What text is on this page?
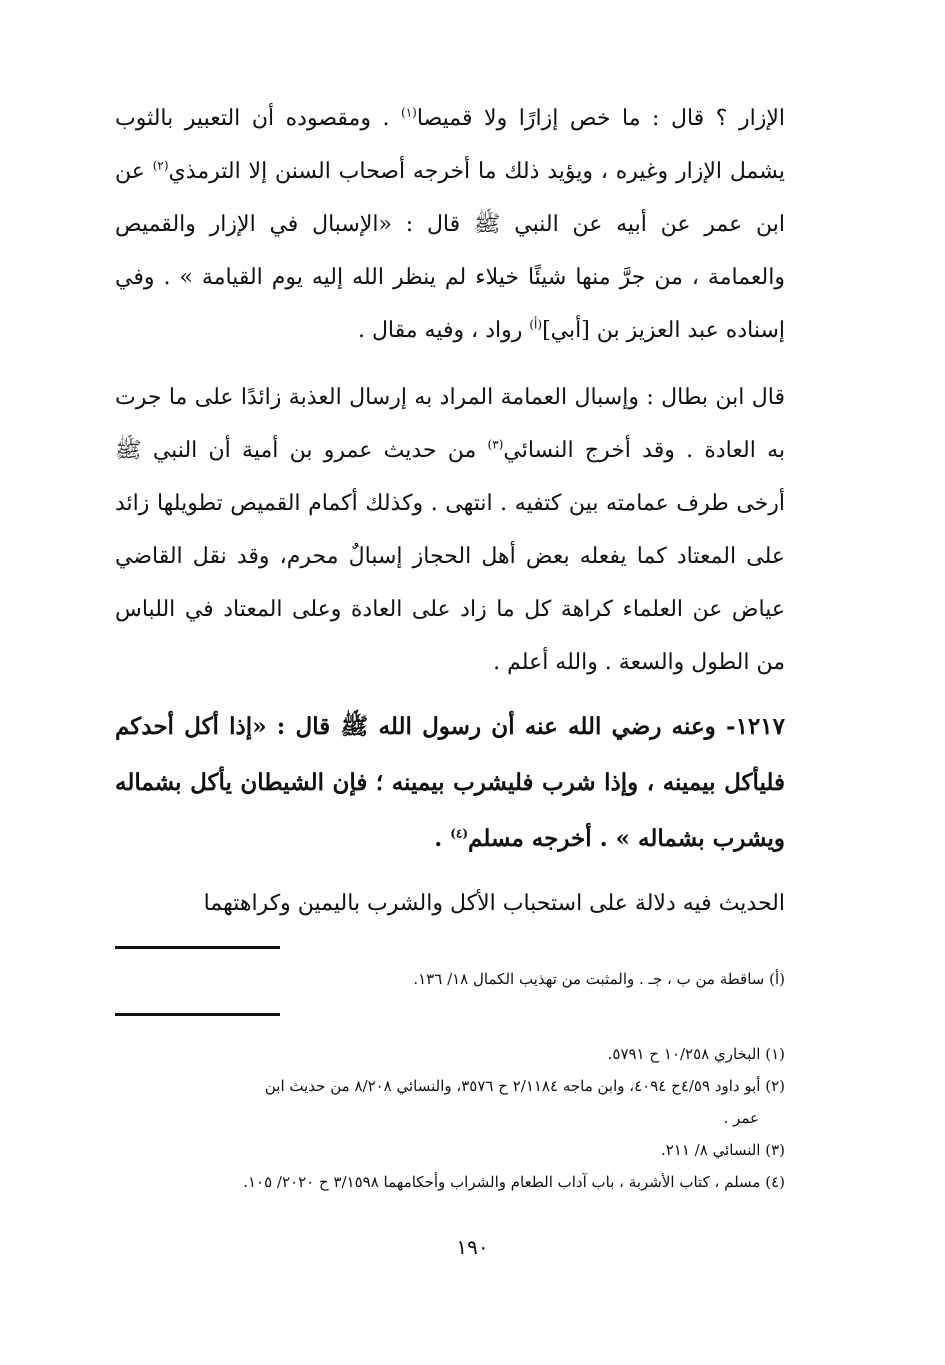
الإزار ؟ قال : ما خص إزارًا ولا قميصا$^{(١)}$ . ومقصوده أن التعبير بالثوب يشمل الإزار وغيره ، ويؤيد ذلك ما أخرجه أصحاب السنن إلا الترمذي$^{(٢)}$ عن ابن عمر عن أبيه عن النبي ﷺ قال : «الإسبال في الإزار والقميص والعمامة ، من جرَّ منها شيئًا خيلاء لم ينظر الله إليه يوم القيامة » . وفي إسناده عبد العزيز بن [أبي]$^{(أ)}$ رواد ، وفيه مقال .

قال ابن بطال : وإسبال العمامة المراد به إرسال العذبة زائدًا على ما جرت به العادة . وقد أخرج النسائي$^{(٣)}$ من حديث عمرو بن أمية أن النبي ﷺ أرخى طرف عمامته بين كتفيه . انتهى . وكذلك أكمام القميص تطويلها زائد على المعتاد كما يفعله بعض أهل الحجاز إسبالٌ محرم، وقد نقل القاضي عياض عن العلماء كراهة كل ما زاد على العادة وعلى المعتاد في اللباس من الطول والسعة . والله أعلم .

١٢١٧- وعنه رضي الله عنه أن رسول الله ﷺ قال : «إذا أكل أحدكم فليأكل بيمينه ، وإذا شرب فليشرب بيمينه ؛ فإن الشيطان يأكل بشماله ويشرب بشماله » . أخرجه مسلم$^{(٤)}$ .

الحديث فيه دلالة على استحباب الأكل والشرب باليمين وكراهتهما

(أ) ساقطة من ب ، جـ . والمثبت من تهذيب الكمال ١٨/ ١٣٦.

(١) البخاري ١٠/٢٥٨ ح ٥٧٩١.

(٢) أبو داود ٤/٥٩ح ٤٠٩٤، وابن ماجه ٢/١١٨٤ ح ٣٥٧٦، والنسائي ٨/٢٠٨ من حديث ابن

عمر .

(٣) النسائي ٨/ ٢١١.

(٤) مسلم ، كتاب الأشربة ، باب آداب الطعام والشراب وأحكامهما ٣/١٥٩٨ ح ٢٠٢٠/ ١٠٥.

١٩٠
